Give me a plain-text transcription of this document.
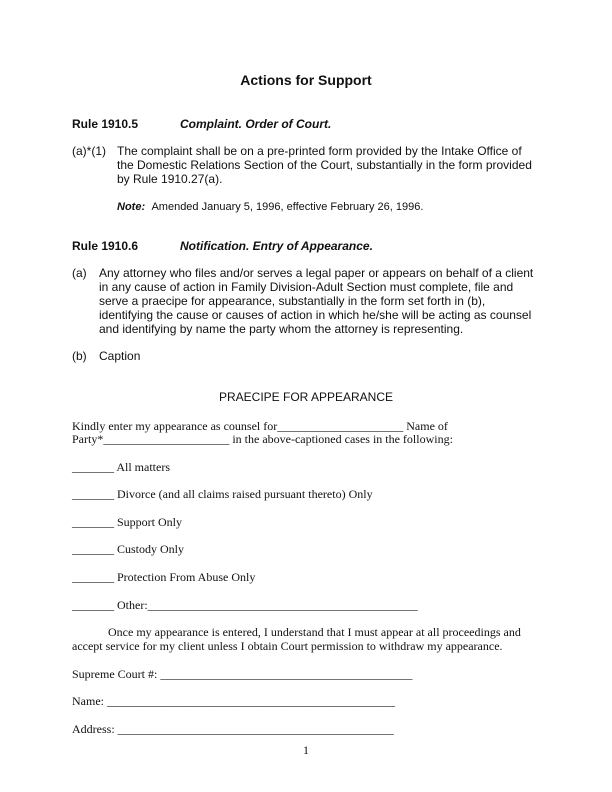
Actions for Support
Rule 1910.5	Complaint. Order of Court.
(a)*(1) The complaint shall be on a pre-printed form provided by the Intake Office of
the Domestic Relations Section of the Court, substantially in the form provided
by Rule 1910.27(a).
Note: Amended January 5, 1996, effective February 26, 1996.
Rule 1910.6	Notification. Entry of Appearance.
(a) Any attorney who files and/or serves a legal paper or appears on behalf of a client
in any cause of action in Family Division-Adult Section must complete, file and
serve a praecipe for appearance, substantially in the form set forth in (b),
identifying the cause or causes of action in which he/she will be acting as counsel
and identifying by name the party whom the attorney is representing.
(b) Caption
PRAECIPE FOR APPEARANCE
Kindly enter my appearance as counsel for_____________________ Name of
Party*_____________________ in the above-captioned cases in the following:
_______ All matters
_______ Divorce (and all claims raised pursuant thereto) Only
_______ Support Only
_______ Custody Only
_______ Protection From Abuse Only
_______ Other:_____________________________________________
Once my appearance is entered, I understand that I must appear at all proceedings and
accept service for my client unless I obtain Court permission to withdraw my appearance.
Supreme Court #: __________________________________________
Name: ________________________________________________
Address: ______________________________________________
1
